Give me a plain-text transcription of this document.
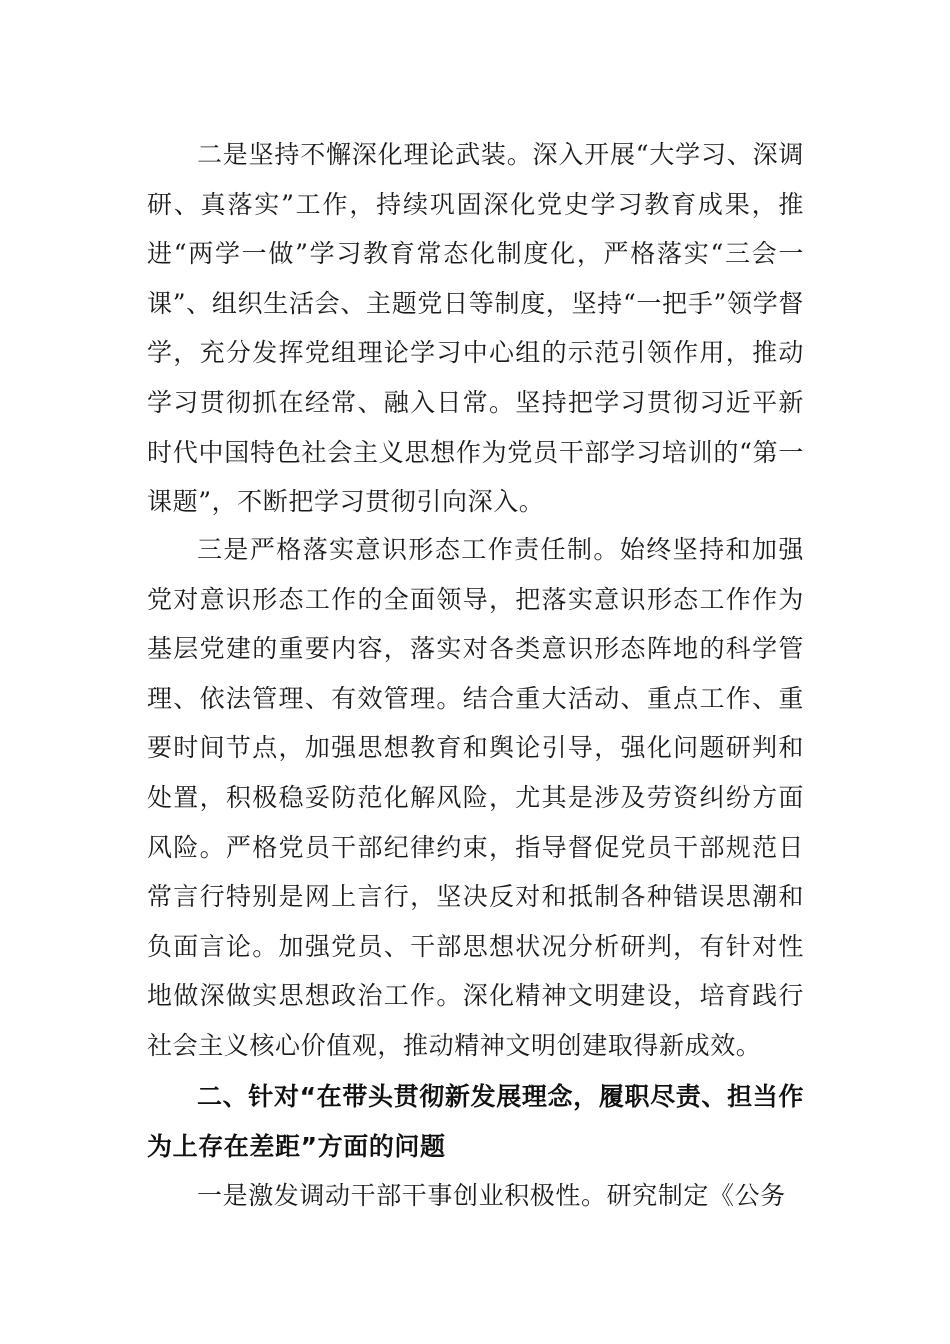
二是坚持不懈深化理论武装。深入开展“大学习、深调研、真落实”工作，持续巩固深化党史学习教育成果，推进“两学一做”学习教育常态化制度化，严格落实“三会一课”、组织生活会、主题党日等制度，坚持“一把手”领学督学，充分发挥党组理论学习中心组的示范引领作用，推动学习贯彻抓在经常、融入日常。坚持把学习贯彻习近平新时代中国特色社会主义思想作为党员干部学习培训的“第一课题”，不断把学习贯彻引向深入。

三是严格落实意识形态工作责任制。始终坚持和加强党对意识形态工作的全面领导，把落实意识形态工作作为基层党建的重要内容，落实对各类意识形态阵地的科学管理、依法管理、有效管理。结合重大活动、重点工作、重要时间节点，加强思想教育和舆论引导，强化问题研判和处置，积极稳妥防范化解风险，尤其是涉及劳资纠纷方面风险。严格党员干部纪律约束，指导督促党员干部规范日常言行特别是网上言行，坚决反对和抵制各种错误思潮和负面言论。加强党员、干部思想状况分析研判，有针对性地做深做实思想政治工作。深化精神文明建设，培育践行社会主义核心价值观，推动精神文明创建取得新成效。

二、针对“在带头贯彻新发展理念，履职尽责、担当作为上存在差距”方面的问题

一是激发调动干部干事创业积极性。研究制定《公务
